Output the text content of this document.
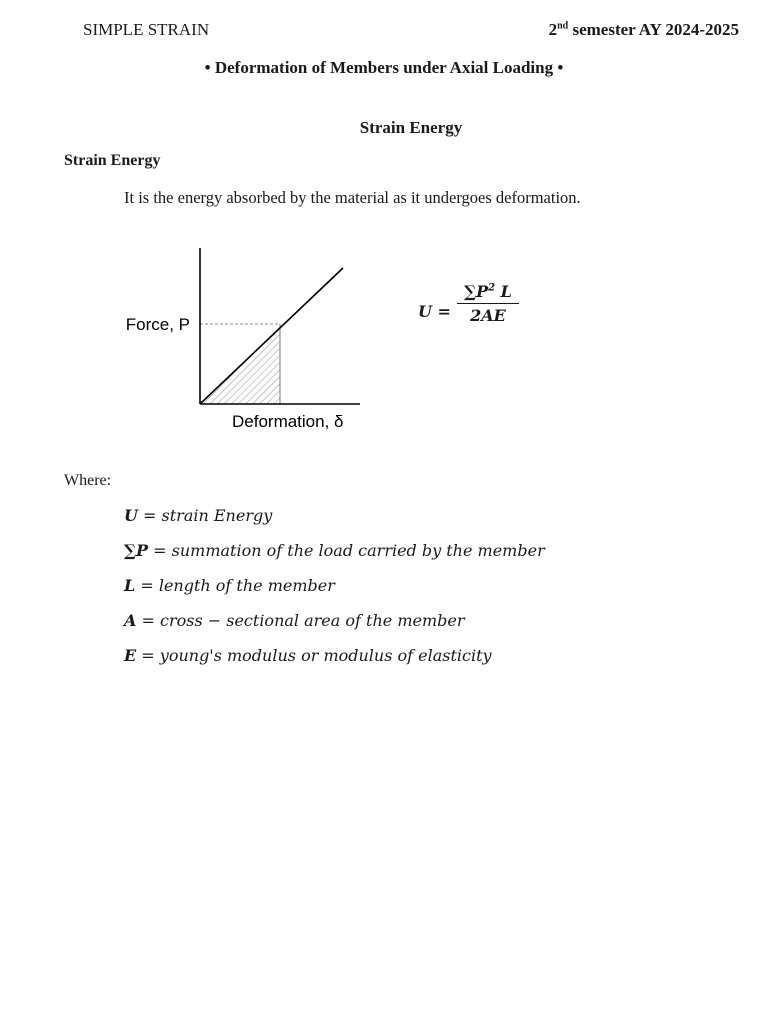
SIMPLE STRAIN	2nd semester AY 2024-2025
• Deformation of Members under Axial Loading •
Strain Energy
Strain Energy
It is the energy absorbed by the material as it undergoes deformation.
Force, P
Deformation, δ
$U = \frac{\sum P^2 L}{2AE}$
Where:
U = strain Energy
∑P = summation of the load carried by the member
L = length of the member
A = cross − sectional area of the member
E = young's modulus or modulus of elasticity
